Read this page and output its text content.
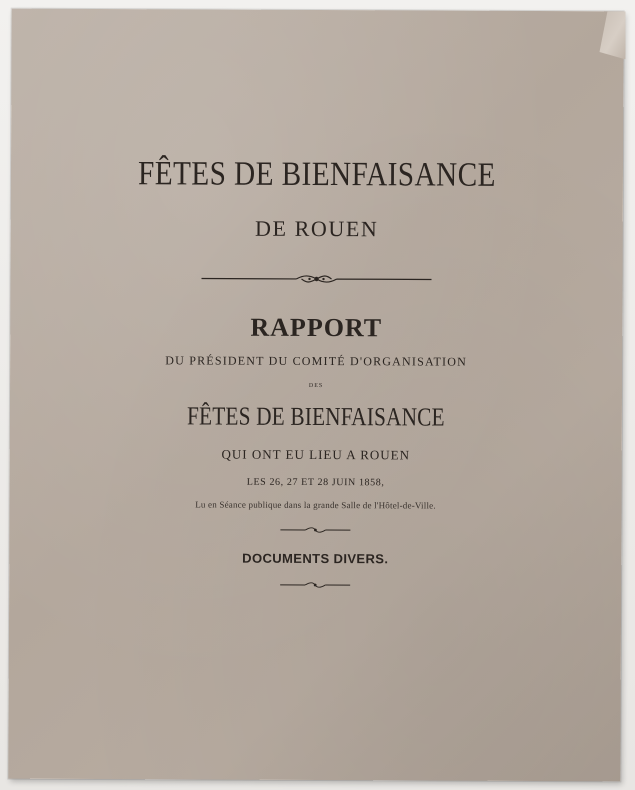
FÊTES DE BIENFAISANCE
DE ROUEN
RAPPORT
DU PRÉSIDENT DU COMITÉ D'ORGANISATION
DES
FÊTES DE BIENFAISANCE
QUI ONT EU LIEU A ROUEN
LES 26, 27 ET 28 JUIN 1858,
Lu en Séance publique dans la grande Salle de l'Hôtel-de-Ville.
DOCUMENTS DIVERS.
